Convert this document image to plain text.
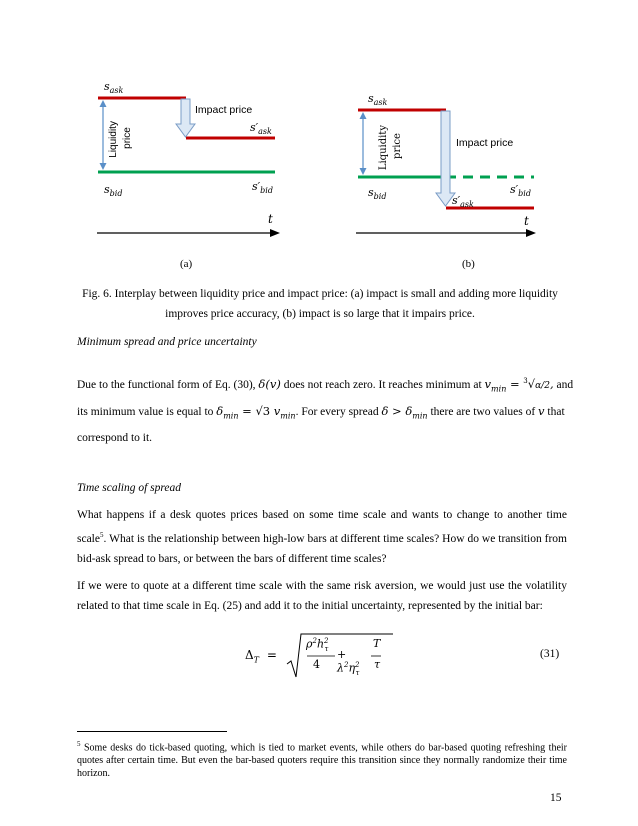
Liquidity price
$s_{ask}$
$s_{bid}$
$s'_{ask}$
$s'_{bid}$
Impact price
t
(a)
Liquidity price
$s_{ask}$
$s_{bid}$	$s'_{ask}$
$s'_{bid}$
Impact price
t
(b)
Fig. 6. Interplay between liquidity price and impact price: (a) impact is small and adding more liquidity
improves price accuracy, (b) impact is so large that it impairs price.
Minimum spread and price uncertainty
Due to the functional form of Eq. (30), δ(v) does not reach zero. It reaches minimum at $v_{min} = ^3√\alpha/2$, and
its minimum value is equal to $\delta_{min} = √3$ $v_{min}$. For every spread $\delta > \delta_{min}$ there are two values of v that
correspond to it.
Time scaling of spread
What happens if a desk quotes prices based on some time scale and wants to change to another time scale$^5$. What is the relationship between high-low bars at different time scales? How do we transition from bid-ask spread to bars, or between the bars of different time scales?
If we were to quote at a different time scale with the same risk aversion, we would just use the volatility related to that time scale in Eq. (25) and add it to the initial uncertainty, represented by the initial bar:
$\Delta_T$ =
$\rho^2h^2_\tau$
4
+ $\lambda^2\eta^2_\tau$
T
τ
(31)
$^5$ Some desks do tick-based quoting, which is tied to market events, while others do bar-based quoting refreshing their quotes after certain time. But even the bar-based quoters require this transition since they normally randomize their time horizon.
15
